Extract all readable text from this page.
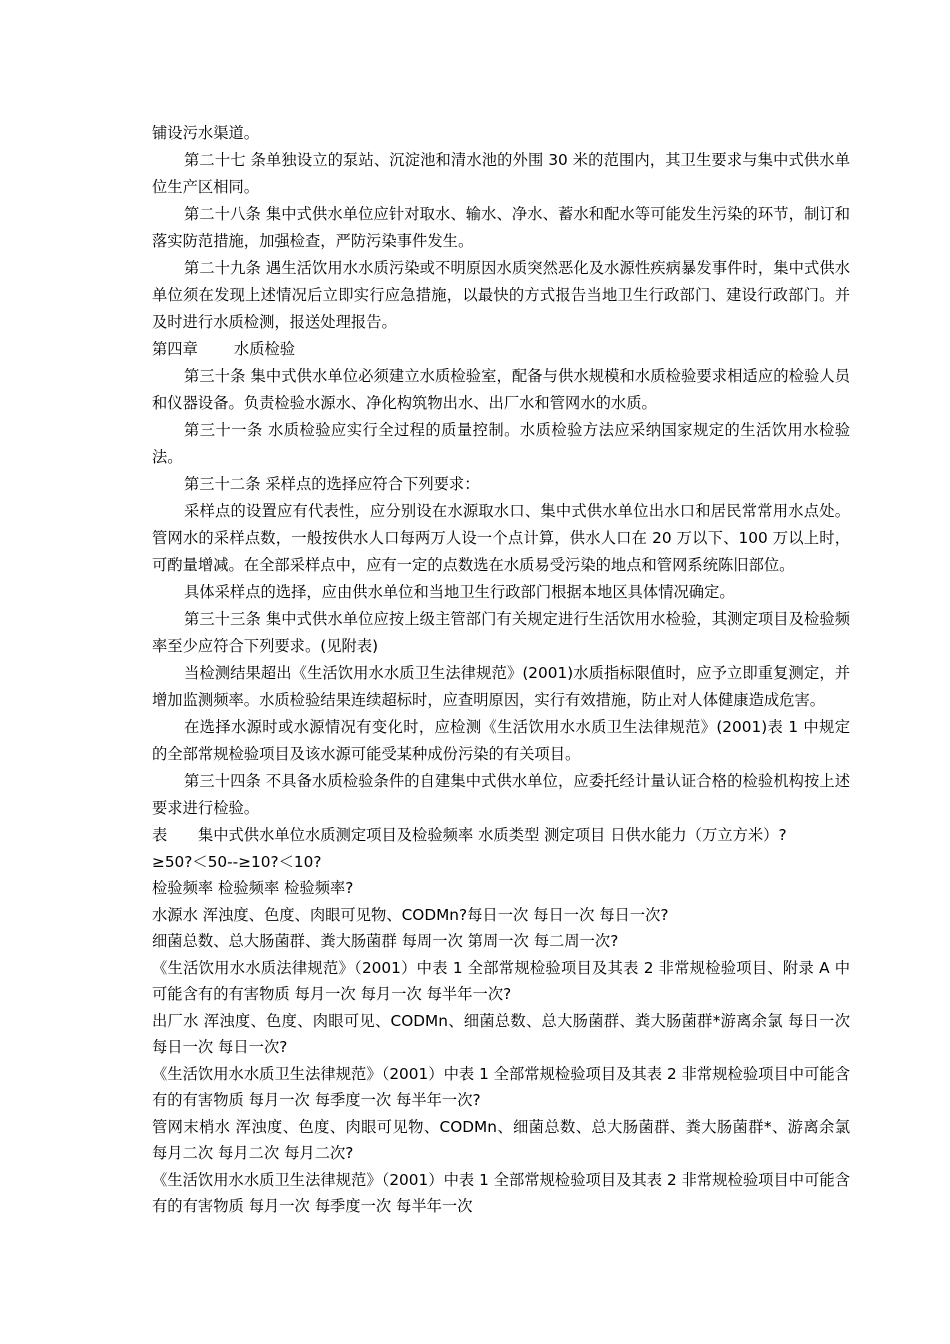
铺设污水渠道。

第二十七 条单独设立的泵站、沉淀池和清水池的外围 30 米的范围内，其卫生要求与集中式供水单位生产区相同。

第二十八条 集中式供水单位应针对取水、输水、净水、蓄水和配水等可能发生污染的环节，制订和落实防范措施，加强检查，严防污染事件发生。

第二十九条 遇生活饮用水水质污染或不明原因水质突然恶化及水源性疾病暴发事件时，集中式供水单位须在发现上述情况后立即实行应急措施，以最快的方式报告当地卫生行政部门、建设行政部门。并及时进行水质检测，报送处理报告。

第四章 水质检验

第三十条 集中式供水单位必须建立水质检验室，配备与供水规模和水质检验要求相适应的检验人员和仪器设备。负责检验水源水、净化构筑物出水、出厂水和管网水的水质。

第三十一条 水质检验应实行全过程的质量控制。水质检验方法应采纳国家规定的生活饮用水检验法。

第三十二条 采样点的选择应符合下列要求：

采样点的设置应有代表性，应分别设在水源取水口、集中式供水单位出水口和居民常常用水点处。管网水的采样点数，一般按供水人口每两万人设一个点计算，供水人口在 20 万以下、100 万以上时，可酌量增减。在全部采样点中，应有一定的点数选在水质易受污染的地点和管网系统陈旧部位。

具体采样点的选择，应由供水单位和当地卫生行政部门根据本地区具体情况确定。

第三十三条 集中式供水单位应按上级主管部门有关规定进行生活饮用水检验，其测定项目及检验频率至少应符合下列要求。(见附表)

当检测结果超出《生活饮用水水质卫生法律规范》(2001)水质指标限值时，应予立即重复测定，并增加监测频率。水质检验结果连续超标时，应查明原因，实行有效措施，防止对人体健康造成危害。

在选择水源时或水源情况有变化时，应检测《生活饮用水水质卫生法律规范》(2001)表 1 中规定的全部常规检验项目及该水源可能受某种成份污染的有关项目。

第三十四条 不具备水质检验条件的自建集中式供水单位，应委托经计量认证合格的检验机构按上述要求进行检验。

表　　集中式供水单位水质测定项目及检验频率 水质类型 测定项目 日供水能力（万立方米）?

≥50?＜50--≥10?＜10?

检验频率 检验频率 检验频率?

水源水 浑浊度、色度、肉眼可见物、CODMn?每日一次 每日一次 每日一次?

细菌总数、总大肠菌群、粪大肠菌群 每周一次 第周一次 每二周一次?

《生活饮用水水质法律规范》（2001）中表 1 全部常规检验项目及其表 2 非常规检验项目、附录 A 中可能含有的有害物质 每月一次 每月一次 每半年一次?

出厂水 浑浊度、色度、肉眼可见、CODMn、细菌总数、总大肠菌群、粪大肠菌群*游离余氯 每日一次 每日一次 每日一次?

《生活饮用水水质卫生法律规范》（2001）中表 1 全部常规检验项目及其表 2 非常规检验项目中可能含有的有害物质 每月一次 每季度一次 每半年一次?

管网末梢水 浑浊度、色度、肉眼可见物、CODMn、细菌总数、总大肠菌群、粪大肠菌群*、游离余氯 每月二次 每月二次 每月二次?

《生活饮用水水质卫生法律规范》（2001）中表 1 全部常规检验项目及其表 2 非常规检验项目中可能含有的有害物质 每月一次 每季度一次 每半年一次
